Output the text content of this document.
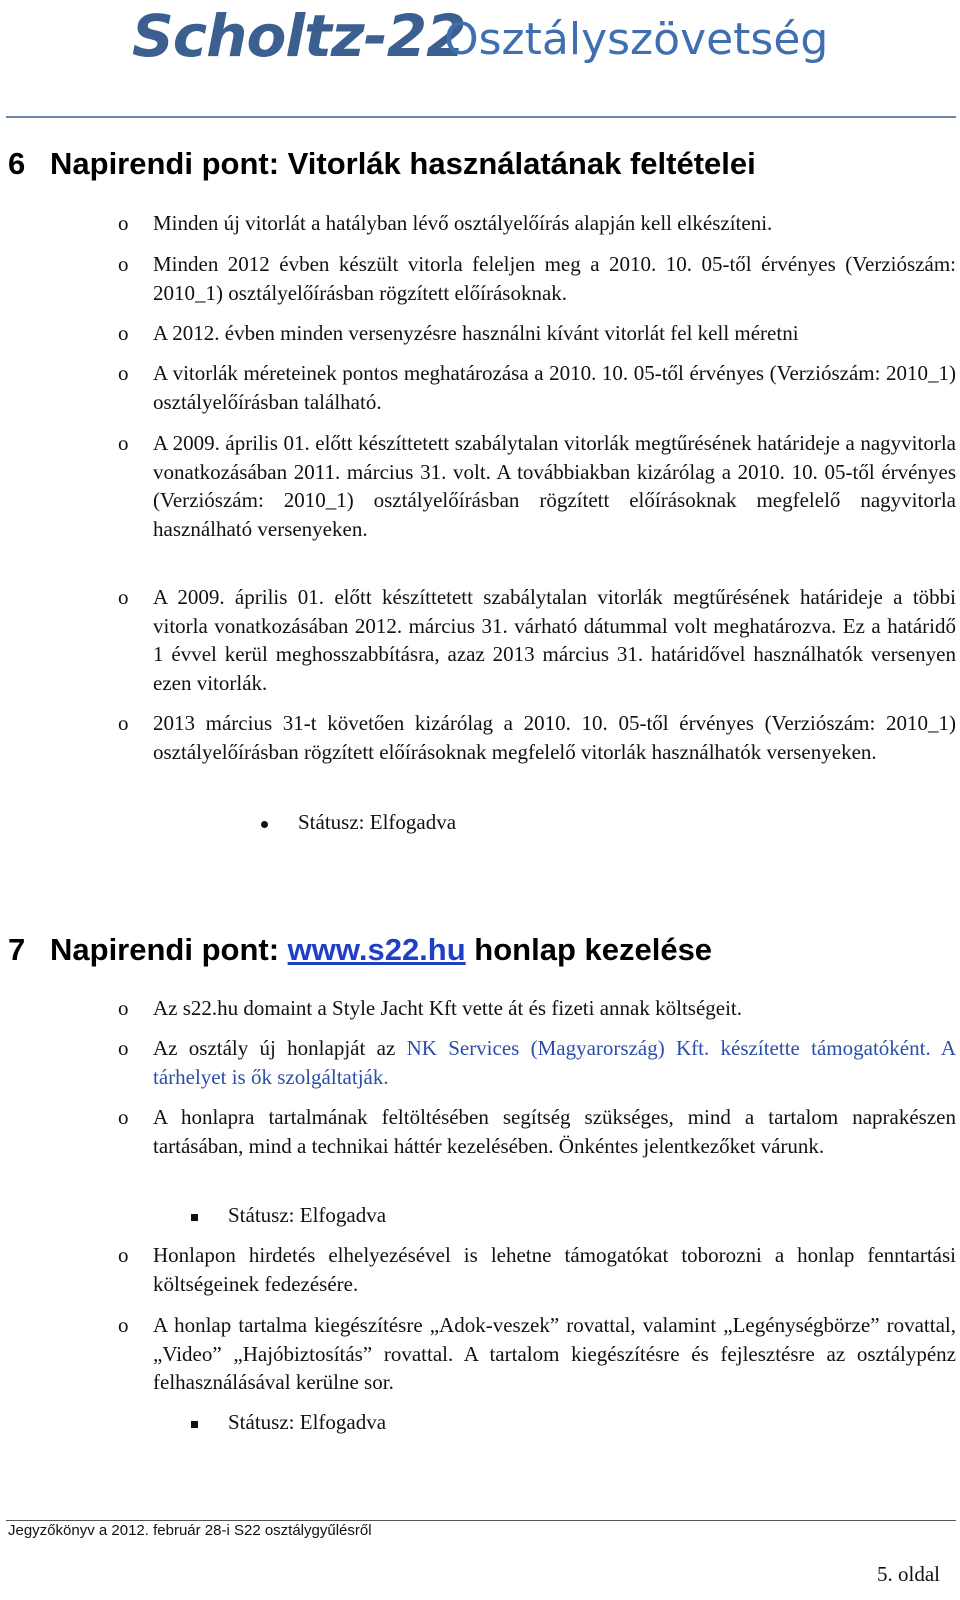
Scholtz-22
Osztályszövetség
6 Napirendi pont: Vitorlák használatának feltételei
o Minden új vitorlát a hatályban lévő osztályelőírás alapján kell elkészíteni.
o Minden 2012 évben készült vitorla feleljen meg a 2010. 10. 05-től érvényes (Verziószám: 2010_1) osztályelőírásban rögzített előírásoknak.
o A 2012. évben minden versenyzésre használni kívánt vitorlát fel kell méretni
o A vitorlák méreteinek pontos meghatározása a 2010. 10. 05-től érvényes (Verziószám: 2010_1) osztályelőírásban található.
o A 2009. április 01. előtt készíttetett szabálytalan vitorlák megtűrésének határideje a nagyvitorla vonatkozásában 2011. március 31. volt. A továbbiakban kizárólag a 2010. 10. 05-től érvényes (Verziószám: 2010_1) osztályelőírásban rögzített előírásoknak megfelelő nagyvitorla használható versenyeken.
o A 2009. április 01. előtt készíttetett szabálytalan vitorlák megtűrésének határideje a többi vitorla vonatkozásában 2012. március 31. várható dátummal volt meghatározva. Ez a határidő 1 évvel kerül meghosszabbításra, azaz 2013 március 31. határidővel használhatók versenyen ezen vitorlák.
o 2013 március 31-t követően kizárólag a 2010. 10. 05-től érvényes (Verziószám: 2010_1) osztályelőírásban rögzített előírásoknak megfelelő vitorlák használhatók versenyeken.
Státusz: Elfogadva
7 Napirendi pont: www.s22.hu honlap kezelése
o Az s22.hu domaint a Style Jacht Kft vette át és fizeti annak költségeit.
o Az osztály új honlapját az NK Services (Magyarország) Kft. készítette támogatóként. A tárhelyet is ők szolgáltatják.
o A honlapra tartalmának feltöltésében segítség szükséges, mind a tartalom naprakészen tartásában, mind a technikai háttér kezelésében. Önkéntes jelentkezőket várunk.
Státusz: Elfogadva
o Honlapon hirdetés elhelyezésével is lehetne támogatókat toborozni a honlap fenntartási költségeinek fedezésére.
o A honlap tartalma kiegészítésre „Adok-veszek” rovattal, valamint „Legénységbörze” rovattal, „Video” „Hajóbiztosítás” rovattal. A tartalom kiegészítésre és fejlesztésre az osztálypénz felhasználásával kerülne sor.
Státusz: Elfogadva
Jegyzőkönyv a 2012. február 28-i S22 osztálygyűlésről
5. oldal
